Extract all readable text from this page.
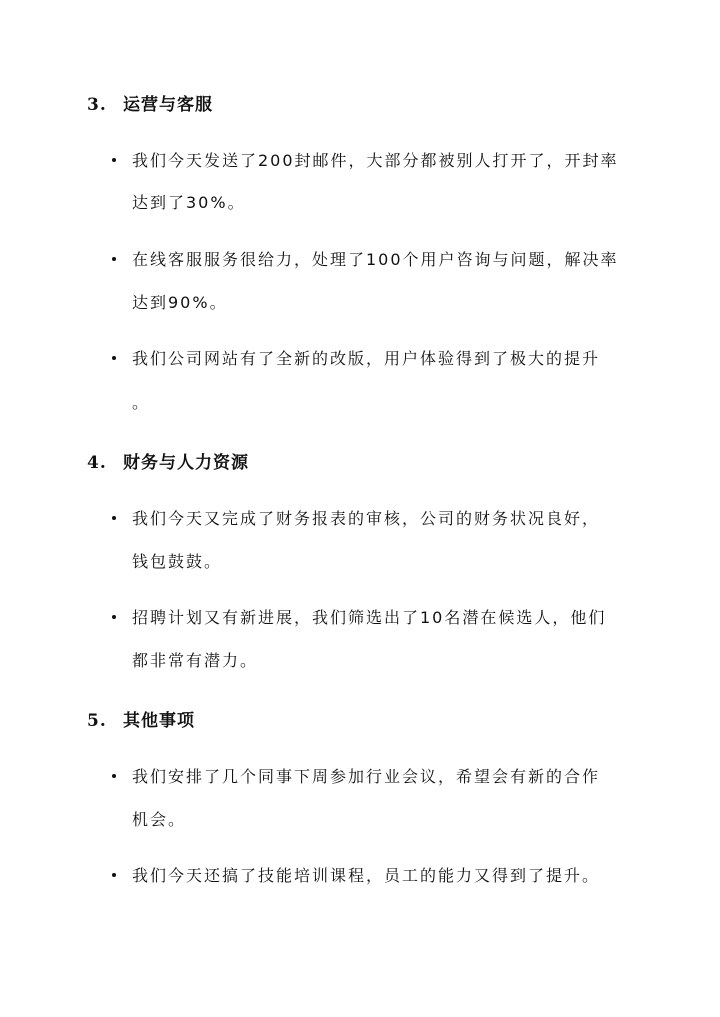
3. 运营与客服
我们今天发送了200封邮件，大部分都被别人打开了，开封率
达到了30%。
在线客服服务很给力，处理了100个用户咨询与问题，解决率
达到90%。
我们公司网站有了全新的改版，用户体验得到了极大的提升
。
4. 财务与人力资源
我们今天又完成了财务报表的审核，公司的财务状况良好，
钱包鼓鼓。
招聘计划又有新进展，我们筛选出了10名潜在候选人，他们
都非常有潜力。
5. 其他事项
我们安排了几个同事下周参加行业会议，希望会有新的合作
机会。
我们今天还搞了技能培训课程，员工的能力又得到了提升。
